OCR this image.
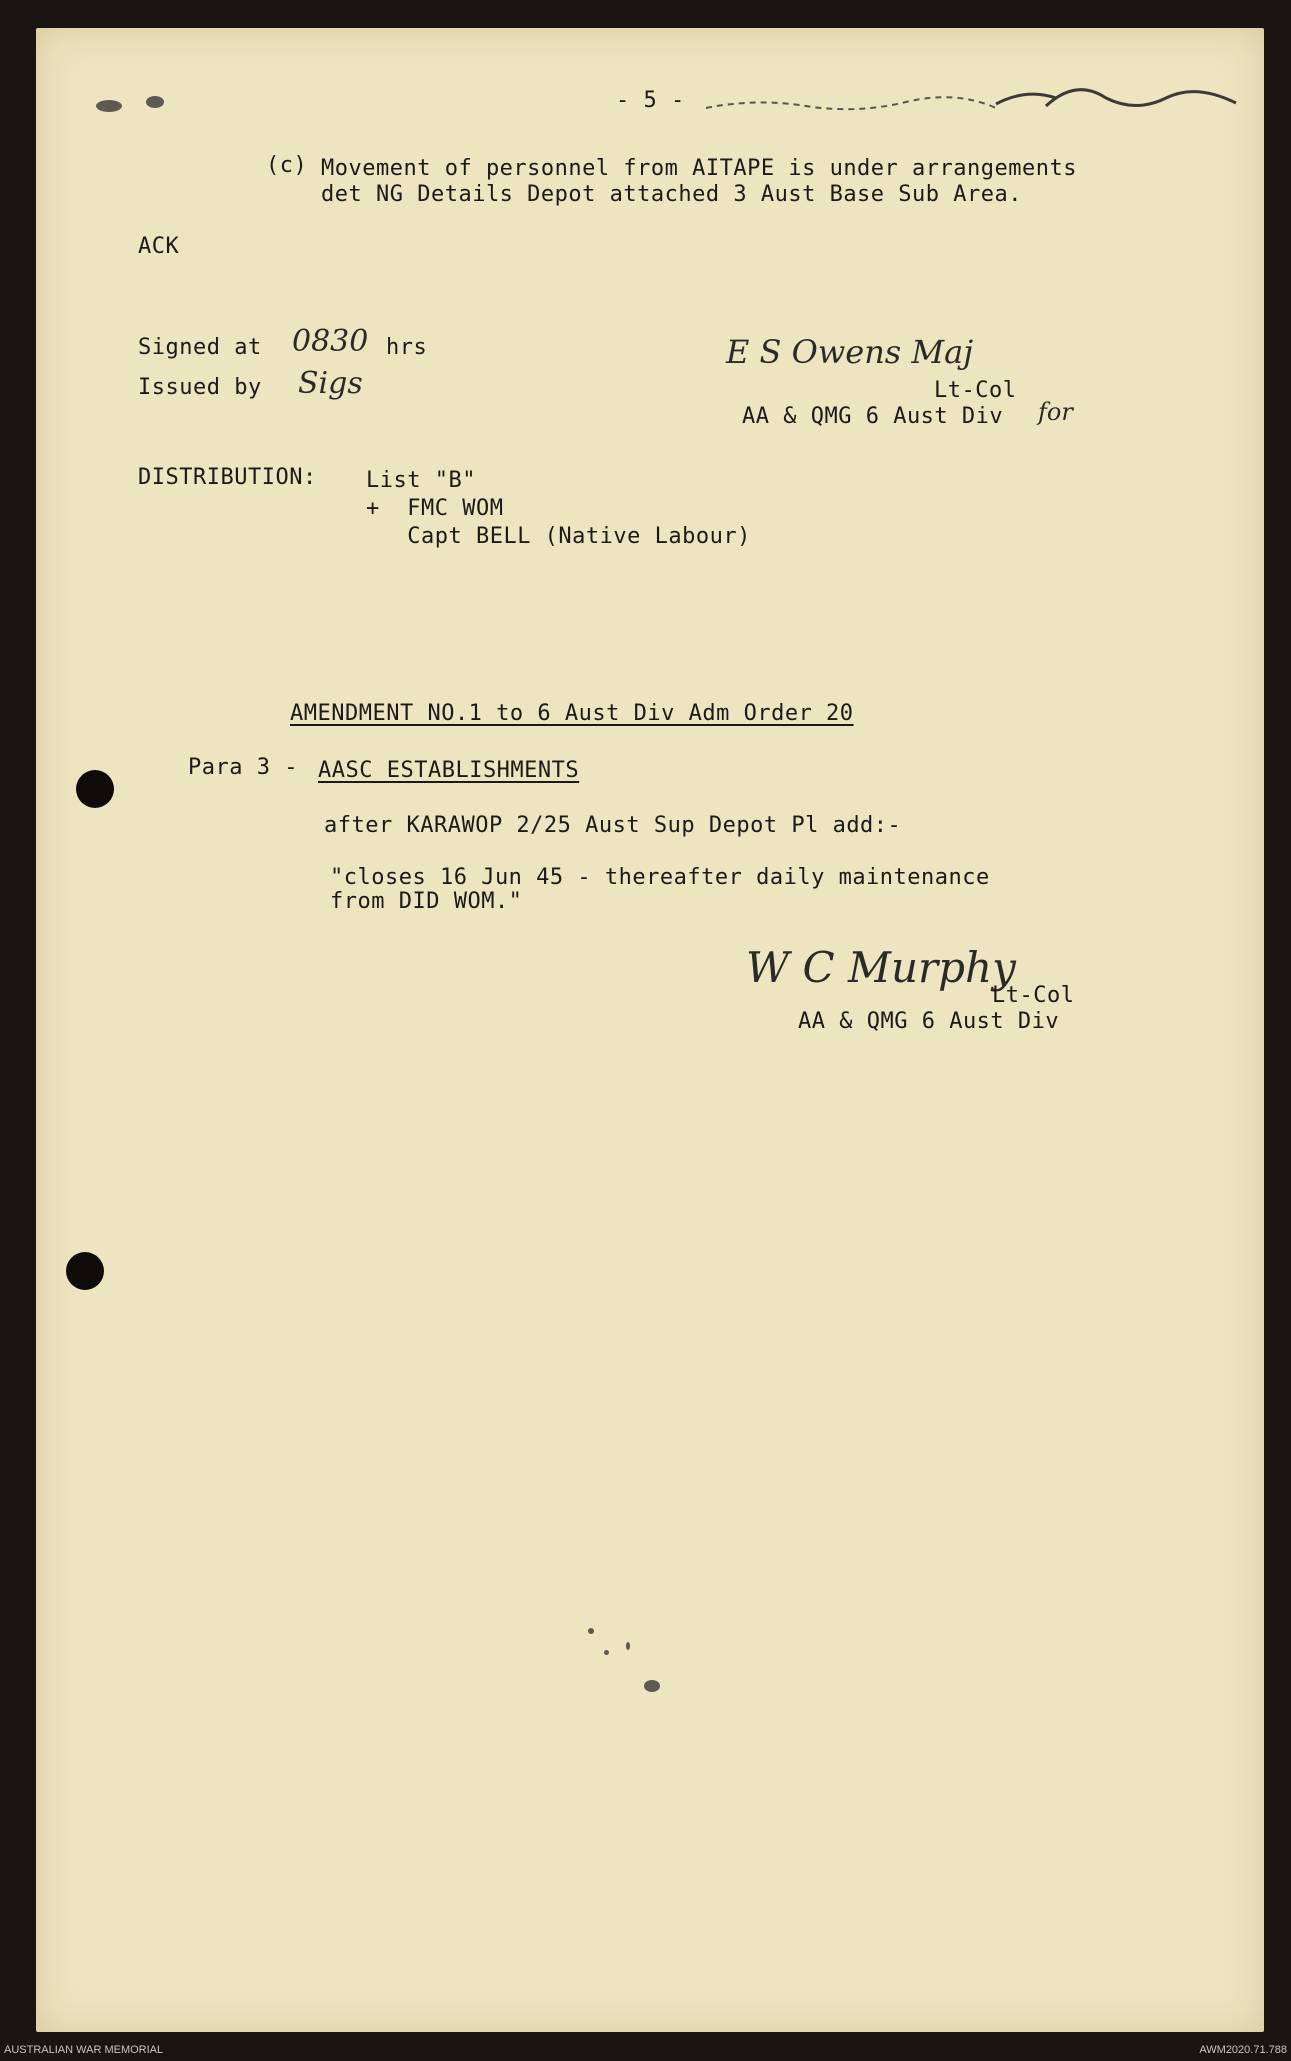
- 5 -
(c) Movement of personnel from AITAPE is under arrangements
det NG Details Depot attached 3 Aust Base Sub Area.
ACK
Signed at 0830 hrs
Issued by Sigs
E S Owens Maj
Lt-Col
AA & QMG 6 Aust Div for
DISTRIBUTION: List "B"
+  FMC WOM
Capt BELL (Native Labour)
AMENDMENT NO.1 to 6 Aust Div Adm Order 20
Para 3 - AASC ESTABLISHMENTS
after KARAWOP 2/25 Aust Sup Depot Pl add:-
"closes 16 Jun 45 - thereafter daily maintenance
from DID WOM."
W C Murphy
Lt-Col
AA & QMG 6 Aust Div
AUSTRALIAN WAR MEMORIAL	AWM2020.71.788
